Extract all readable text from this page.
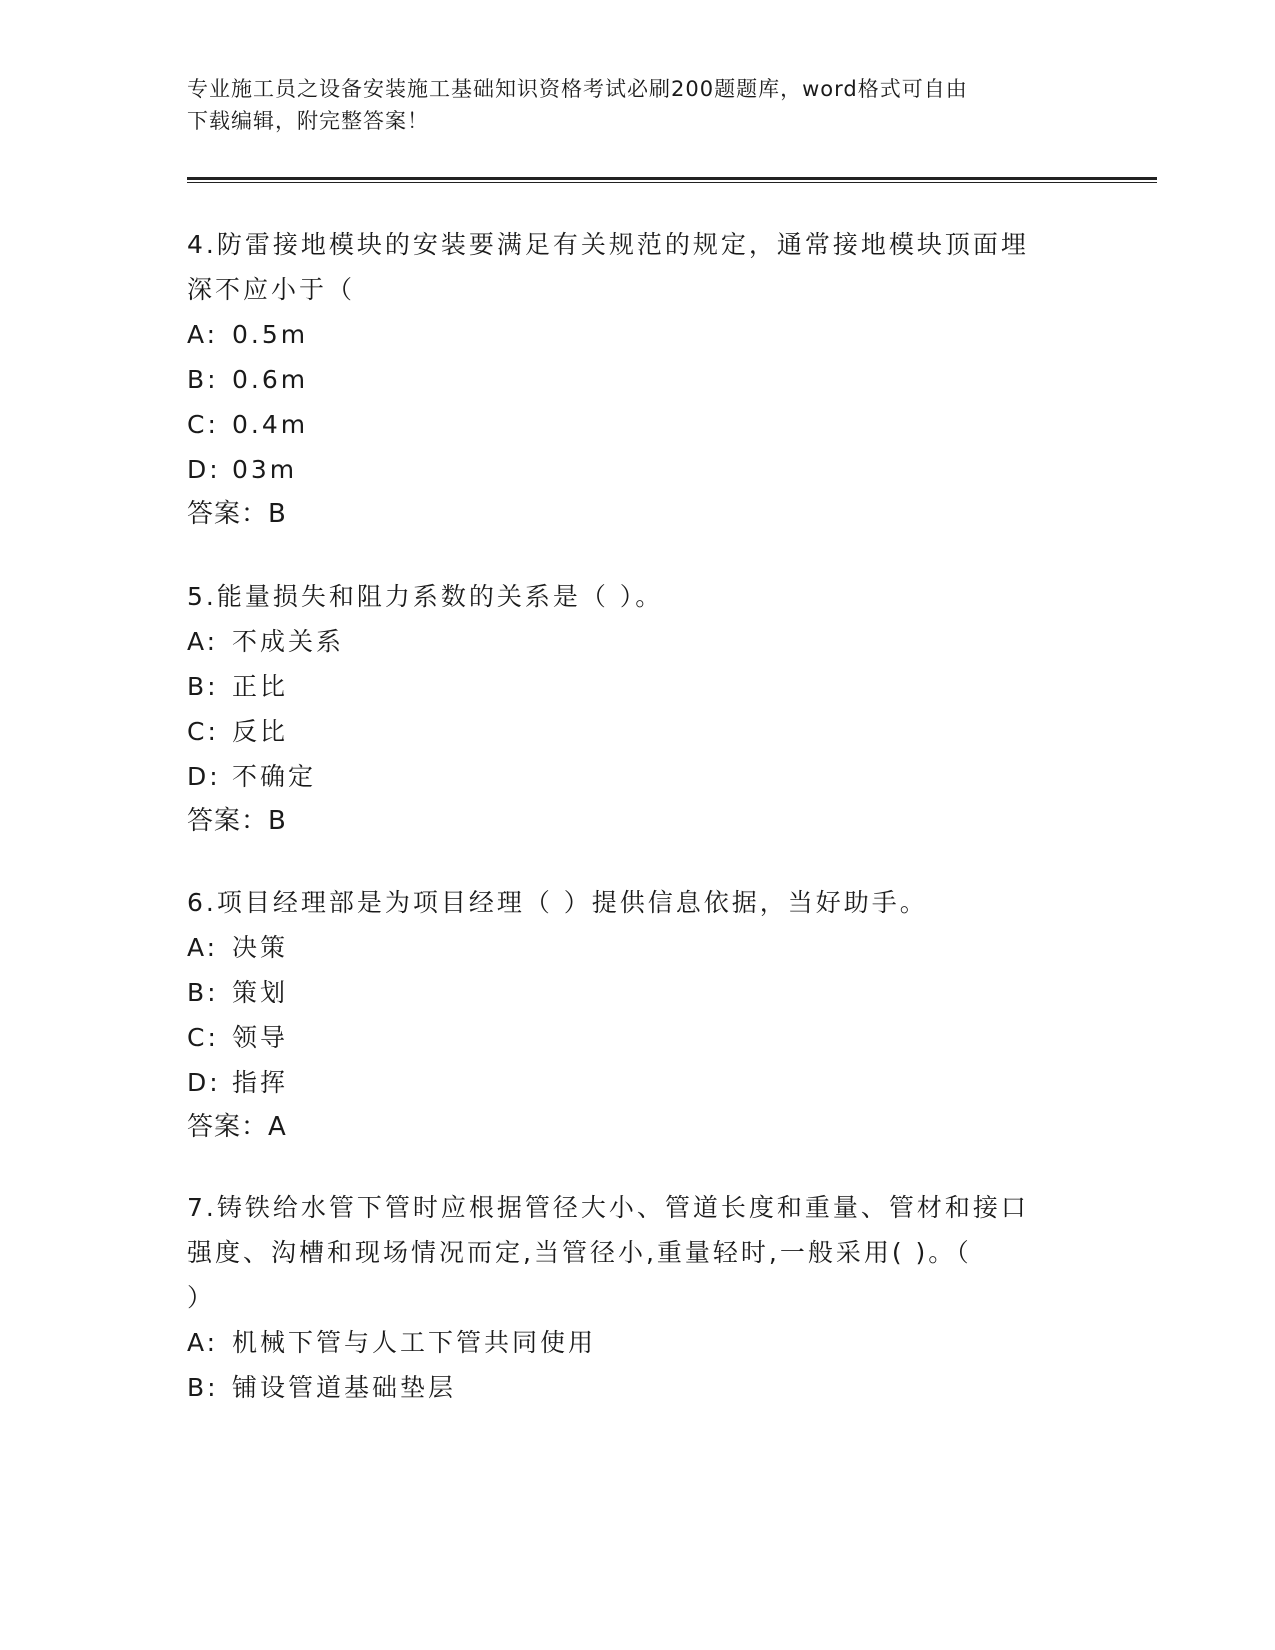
专业施工员之设备安装施工基础知识资格考试必刷200题题库，word格式可自由
下载编辑，附完整答案！
4.防雷接地模块的安装要满足有关规范的规定，通常接地模块顶面埋
深不应小于（
A: 0.5m
B: 0.6m
C: 0.4m
D: 03m
答案：B
5.能量损失和阻力系数的关系是（ ）。
A: 不成关系
B: 正比
C: 反比
D: 不确定
答案：B
6.项目经理部是为项目经理（ ）提供信息依据，当好助手。
A: 决策
B: 策划
C: 领导
D: 指挥
答案：A
7.铸铁给水管下管时应根据管径大小、管道长度和重量、管材和接口
强度、沟槽和现场情况而定,当管径小,重量轻时,一般采用( )。（
）
A: 机械下管与人工下管共同使用
B: 铺设管道基础垫层
